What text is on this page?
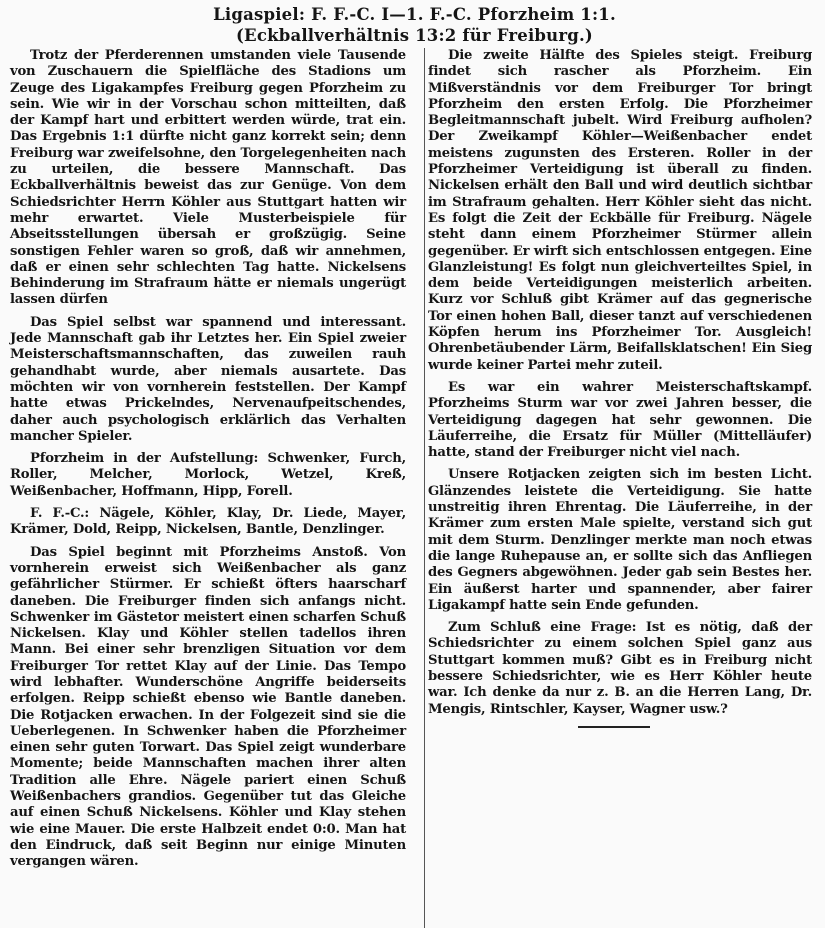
Ligaspiel: F. F.-C. I—1. F.-C. Pforzheim 1:1.
(Eckballverhältnis 13:2 für Freiburg.)

Trotz der Pferderennen umstanden viele Tausende von Zuschauern die Spielfläche des Stadions um Zeuge des Ligakampfes Freiburg gegen Pforzheim zu sein. Wie wir in der Vorschau schon mitteilten, daß der Kampf hart und erbittert werden würde, trat ein. Das Ergebnis 1:1 dürfte nicht ganz korrekt sein; denn Freiburg war zweifelsohne, den Torgelegenheiten nach zu urteilen, die bessere Mannschaft. Das Eckballverhältnis beweist das zur Genüge. Von dem Schiedsrichter Herrn Köhler aus Stuttgart hatten wir mehr erwartet. Viele Musterbeispiele für Abseitsstellungen übersah er großzügig. Seine sonstigen Fehler waren so groß, daß wir annehmen, daß er einen sehr schlechten Tag hatte. Nickelsens Behinderung im Strafraum hätte er niemals ungerügt lassen dürfen

Das Spiel selbst war spannend und interessant. Jede Mannschaft gab ihr Letztes her. Ein Spiel zweier Meisterschaftsmannschaften, das zuweilen rauh gehandhabt wurde, aber niemals ausartete. Das möchten wir von vornherein feststellen. Der Kampf hatte etwas Prickelndes, Nervenaufpeitschendes, daher auch psychologisch erklärlich das Verhalten mancher Spieler.

Pforzheim in der Aufstellung: Schwenker, Furch, Roller, Melcher, Morlock, Wetzel, Kreß, Weißenbacher, Hoffmann, Hipp, Forell.

F. F.-C.: Nägele, Köhler, Klay, Dr. Liede, Mayer, Krämer, Dold, Reipp, Nickelsen, Bantle, Denzlinger.

Das Spiel beginnt mit Pforzheims Anstoß. Von vornherein erweist sich Weißenbacher als ganz gefährlicher Stürmer. Er schießt öfters haarscharf daneben. Die Freiburger finden sich anfangs nicht. Schwenker im Gästetor meistert einen scharfen Schuß Nickelsen. Klay und Köhler stellen tadellos ihren Mann. Bei einer sehr brenzligen Situation vor dem Freiburger Tor rettet Klay auf der Linie. Das Tempo wird lebhafter. Wunderschöne Angriffe beiderseits erfolgen. Reipp schießt ebenso wie Bantle daneben. Die Rotjacken erwachen. In der Folgezeit sind sie die Ueberlegenen. In Schwenker haben die Pforzheimer einen sehr guten Torwart. Das Spiel zeigt wunderbare Momente; beide Mannschaften machen ihrer alten Tradition alle Ehre. Nägele pariert einen Schuß Weißenbachers grandios. Gegenüber tut das Gleiche auf einen Schuß Nickelsens. Köhler und Klay stehen wie eine Mauer. Die erste Halbzeit endet 0:0. Man hat den Eindruck, daß seit Beginn nur einige Minuten vergangen wären.

Die zweite Hälfte des Spieles steigt. Freiburg findet sich rascher als Pforzheim. Ein Mißverständnis vor dem Freiburger Tor bringt Pforzheim den ersten Erfolg. Die Pforzheimer Begleitmannschaft jubelt. Wird Freiburg aufholen? Der Zweikampf Köhler—Weißenbacher endet meistens zugunsten des Ersteren. Roller in der Pforzheimer Verteidigung ist überall zu finden. Nickelsen erhält den Ball und wird deutlich sichtbar im Strafraum gehalten. Herr Köhler sieht das nicht. Es folgt die Zeit der Eckbälle für Freiburg. Nägele steht dann einem Pforzheimer Stürmer allein gegenüber. Er wirft sich entschlossen entgegen. Eine Glanzleistung! Es folgt nun gleichverteiltes Spiel, in dem beide Verteidigungen meisterlich arbeiten. Kurz vor Schluß gibt Krämer auf das gegnerische Tor einen hohen Ball, dieser tanzt auf verschiedenen Köpfen herum ins Pforzheimer Tor. Ausgleich! Ohrenbetäubender Lärm, Beifallsklatschen! Ein Sieg wurde keiner Partei mehr zuteil.

Es war ein wahrer Meisterschaftskampf. Pforzheims Sturm war vor zwei Jahren besser, die Verteidigung dagegen hat sehr gewonnen. Die Läuferreihe, die Ersatz für Müller (Mittelläufer) hatte, stand der Freiburger nicht viel nach.

Unsere Rotjacken zeigten sich im besten Licht. Glänzendes leistete die Verteidigung. Sie hatte unstreitig ihren Ehrentag. Die Läuferreihe, in der Krämer zum ersten Male spielte, verstand sich gut mit dem Sturm. Denzlinger merkte man noch etwas die lange Ruhepause an, er sollte sich das Anfliegen des Gegners abgewöhnen. Jeder gab sein Bestes her. Ein äußerst harter und spannender, aber fairer Ligakampf hatte sein Ende gefunden.

Zum Schluß eine Frage: Ist es nötig, daß der Schiedsrichter zu einem solchen Spiel ganz aus Stuttgart kommen muß? Gibt es in Freiburg nicht bessere Schiedsrichter, wie es Herr Köhler heute war. Ich denke da nur z. B. an die Herren Lang, Dr. Mengis, Rintschler, Kayser, Wagner usw.?
